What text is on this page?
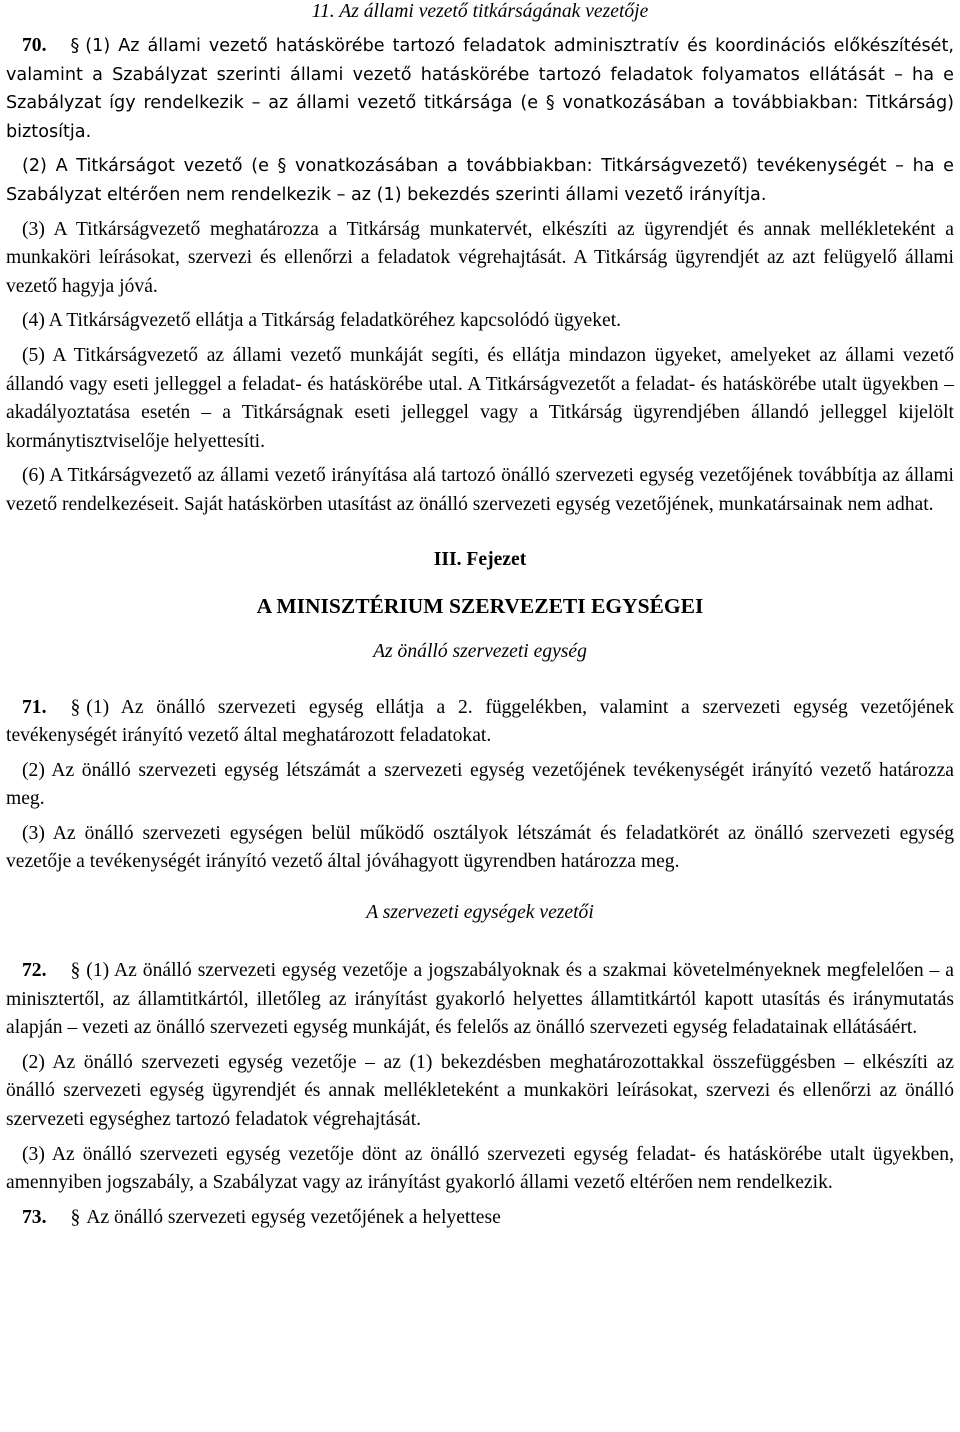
11. Az állami vezető titkárságának vezetője

70. § (1) Az állami vezető hatáskörébe tartozó feladatok adminisztratív és koordinációs előkészítését, valamint a Szabályzat szerinti állami vezető hatáskörébe tartozó feladatok folyamatos ellátását – ha e Szabályzat így rendelkezik – az állami vezető titkársága (e § vonatkozásában a továbbiakban: Titkárság) biztosítja.

(2) A Titkárságot vezető (e § vonatkozásában a továbbiakban: Titkárságvezető) tevékenységét – ha e Szabályzat eltérően nem rendelkezik – az (1) bekezdés szerinti állami vezető irányítja.

(3) A Titkárságvezető meghatározza a Titkárság munkatervét, elkészíti az ügyrendjét és annak mellékleteként a munkaköri leírásokat, szervezi és ellenőrzi a feladatok végrehajtását. A Titkárság ügyrendjét az azt felügyelő állami vezető hagyja jóvá.

(4) A Titkárságvezető ellátja a Titkárság feladatköréhez kapcsolódó ügyeket.

(5) A Titkárságvezető az állami vezető munkáját segíti, és ellátja mindazon ügyeket, amelyeket az állami vezető állandó vagy eseti jelleggel a feladat- és hatáskörébe utal. A Titkárságvezetőt a feladat- és hatáskörébe utalt ügyekben – akadályoztatása esetén – a Titkárságnak eseti jelleggel vagy a Titkárság ügyrendjében állandó jelleggel kijelölt kormánytisztviselője helyettesíti.

(6) A Titkárságvezető az állami vezető irányítása alá tartozó önálló szervezeti egység vezetőjének továbbítja az állami vezető rendelkezéseit. Saját hatáskörben utasítást az önálló szervezeti egység vezetőjének, munkatársainak nem adhat.

III. Fejezet
A MINISZTÉRIUM SZERVEZETI EGYSÉGEI
Az önálló szervezeti egység

71. § (1) Az önálló szervezeti egység ellátja a 2. függelékben, valamint a szervezeti egység vezetőjének tevékenységét irányító vezető által meghatározott feladatokat.

(2) Az önálló szervezeti egység létszámát a szervezeti egység vezetőjének tevékenységét irányító vezető határozza meg.

(3) Az önálló szervezeti egységen belül működő osztályok létszámát és feladatkörét az önálló szervezeti egység vezetője a tevékenységét irányító vezető által jóváhagyott ügyrendben határozza meg.

A szervezeti egységek vezetői

72. § (1) Az önálló szervezeti egység vezetője a jogszabályoknak és a szakmai követelményeknek megfelelően – a minisztertől, az államtitkártól, illetőleg az irányítást gyakorló helyettes államtitkártól kapott utasítás és iránymutatás alapján – vezeti az önálló szervezeti egység munkáját, és felelős az önálló szervezeti egység feladatainak ellátásáért.

(2) Az önálló szervezeti egység vezetője – az (1) bekezdésben meghatározottakkal összefüggésben – elkészíti az önálló szervezeti egység ügyrendjét és annak mellékleteként a munkaköri leírásokat, szervezi és ellenőrzi az önálló szervezeti egységhez tartozó feladatok végrehajtását.

(3) Az önálló szervezeti egység vezetője dönt az önálló szervezeti egység feladat- és hatáskörébe utalt ügyekben, amennyiben jogszabály, a Szabályzat vagy az irányítást gyakorló állami vezető eltérően nem rendelkezik.

73. § Az önálló szervezeti egység vezetőjének a helyettese
